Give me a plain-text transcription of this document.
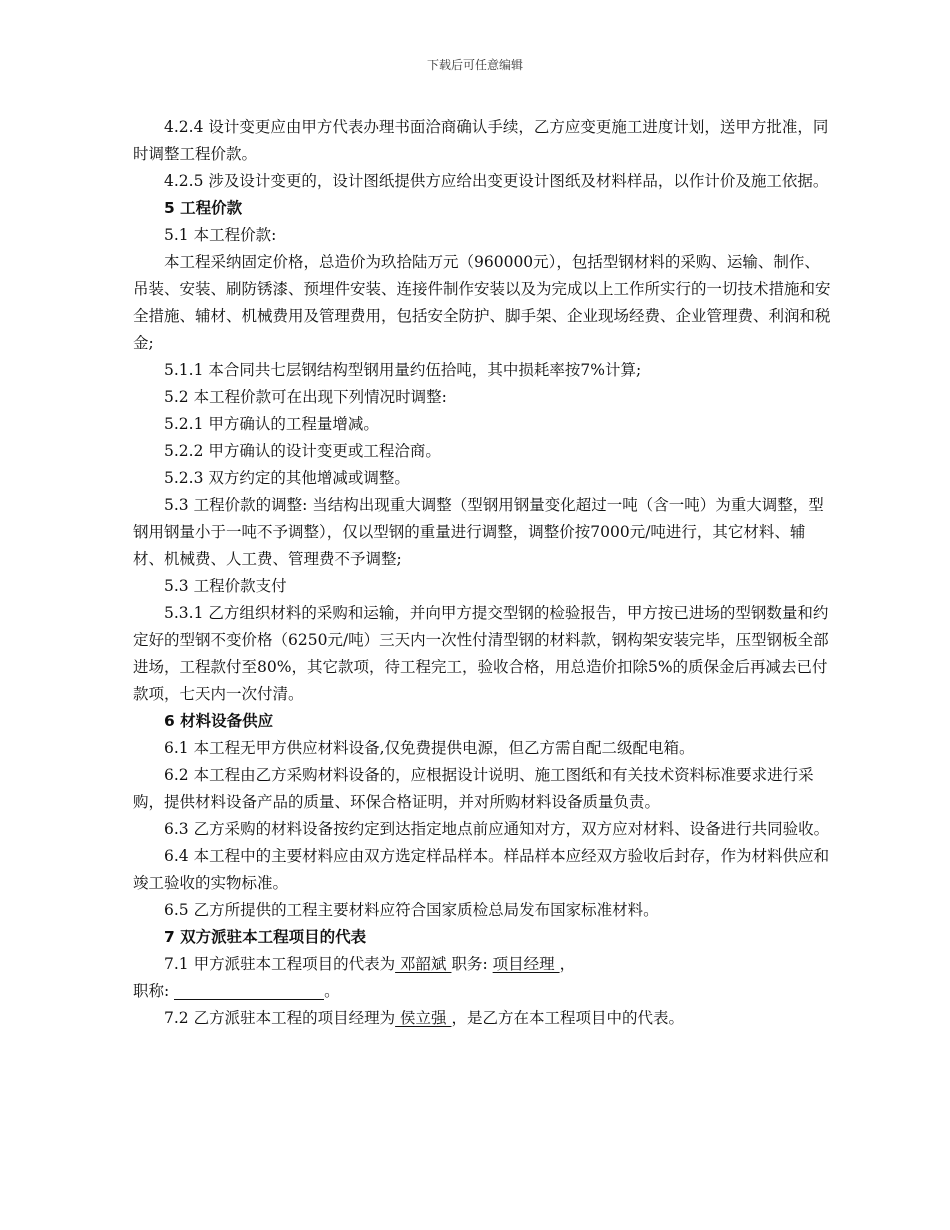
下载后可任意编辑

4.2.4 设计变更应由甲方代表办理书面洽商确认手续，乙方应变更施工进度计划，送甲方批准，同时调整工程价款。

4.2.5 涉及设计变更的，设计图纸提供方应给出变更设计图纸及材料样品，以作计价及施工依据。

5 工程价款

5.1 本工程价款:

本工程采纳固定价格，总造价为玖拾陆万元（960000元），包括型钢材料的采购、运输、制作、吊装、安装、刷防锈漆、预埋件安装、连接件制作安装以及为完成以上工作所实行的一切技术措施和安全措施、辅材、机械费用及管理费用，包括安全防护、脚手架、企业现场经费、企业管理费、利润和税金;

5.1.1 本合同共七层钢结构型钢用量约伍拾吨，其中损耗率按7%计算;

5.2 本工程价款可在出现下列情况时调整:

5.2.1 甲方确认的工程量增减。

5.2.2 甲方确认的设计变更或工程洽商。

5.2.3 双方约定的其他增减或调整。

5.3 工程价款的调整: 当结构出现重大调整（型钢用钢量变化超过一吨（含一吨）为重大调整，型钢用钢量小于一吨不予调整），仅以型钢的重量进行调整，调整价按7000元/吨进行，其它材料、辅材、机械费、人工费、管理费不予调整;

5.3 工程价款支付

5.3.1 乙方组织材料的采购和运输，并向甲方提交型钢的检验报告，甲方按已进场的型钢数量和约定好的型钢不变价格（6250元/吨）三天内一次性付清型钢的材料款，钢构架安装完毕，压型钢板全部进场，工程款付至80%，其它款项，待工程完工，验收合格，用总造价扣除5%的质保金后再减去已付款项，七天内一次付清。

6 材料设备供应

6.1 本工程无甲方供应材料设备,仅免费提供电源，但乙方需自配二级配电箱。

6.2 本工程由乙方采购材料设备的，应根据设计说明、施工图纸和有关技术资料标准要求进行采购，提供材料设备产品的质量、环保合格证明，并对所购材料设备质量负责。

6.3 乙方采购的材料设备按约定到达指定地点前应通知对方，双方应对材料、设备进行共同验收。

6.4 本工程中的主要材料应由双方选定样品样本。样品样本应经双方验收后封存，作为材料供应和竣工验收的实物标准。

6.5 乙方所提供的工程主要材料应符合国家质检总局发布国家标准材料。

7 双方派驻本工程项目的代表

7.1 甲方派驻本工程项目的代表为 邓韶斌 职务: 项目经理 ，

职称:	。

7.2 乙方派驻本工程的项目经理为 侯立强 ，是乙方在本工程项目中的代表。
